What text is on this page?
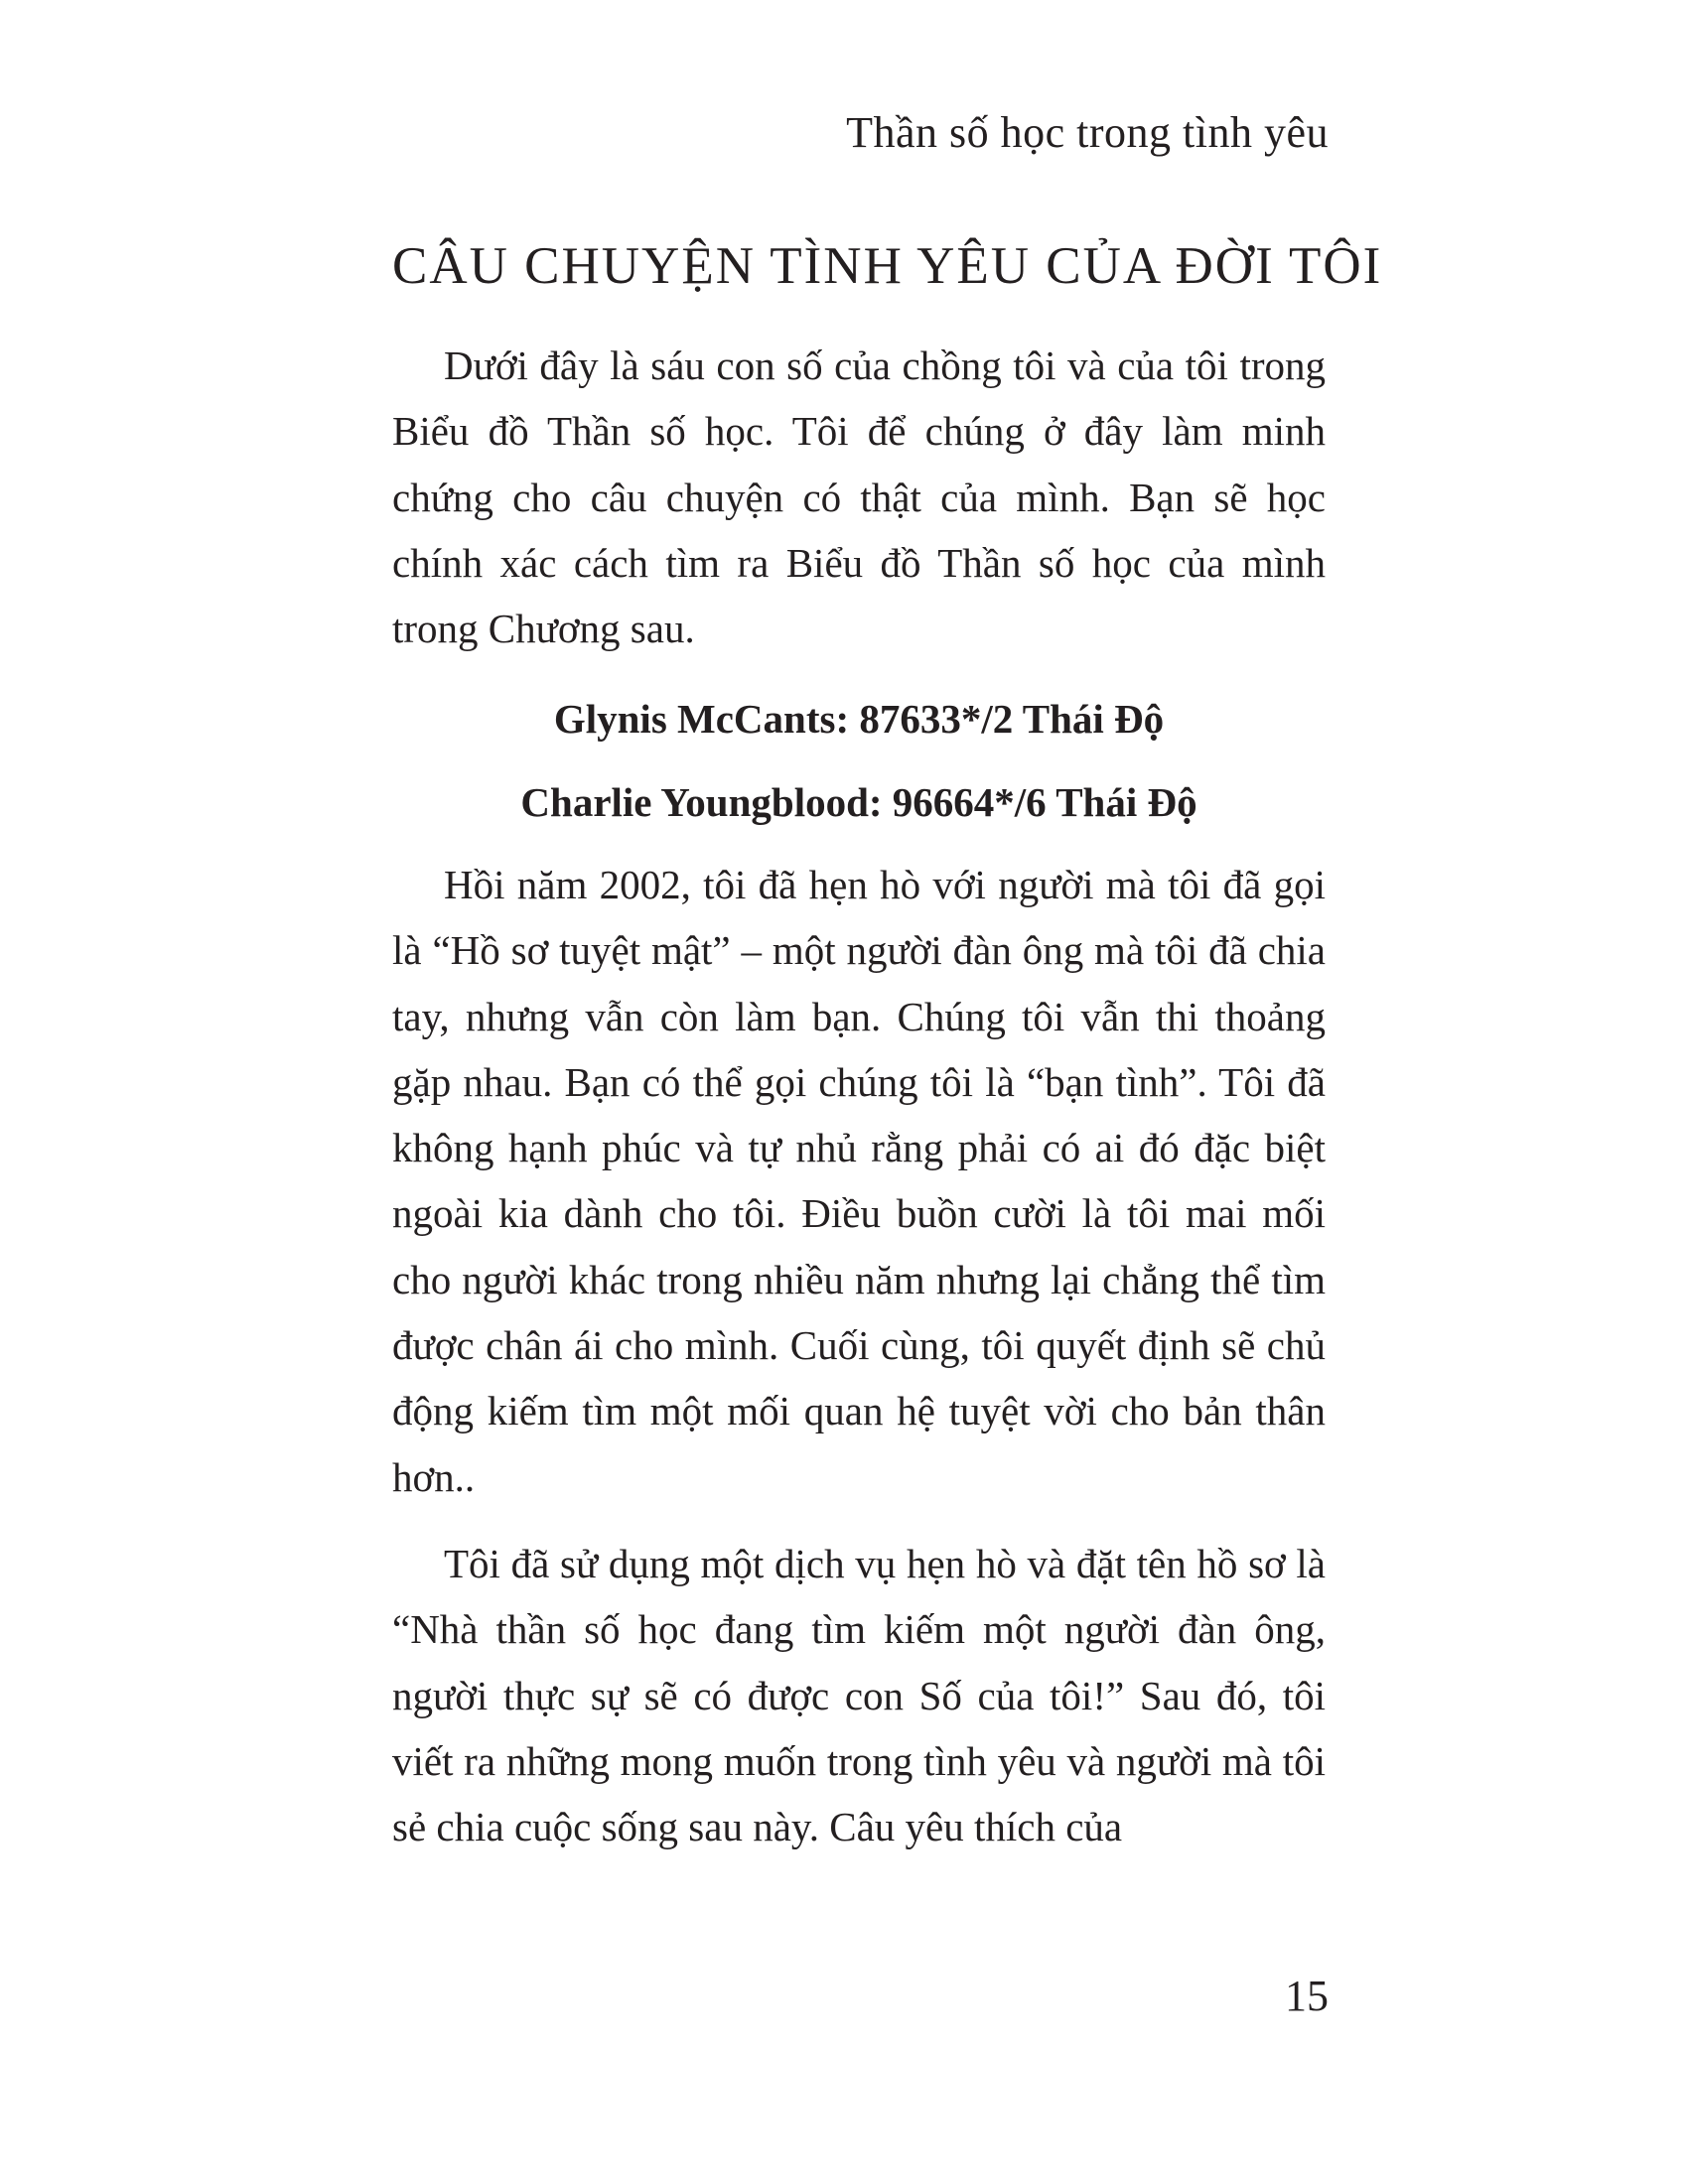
Thần số học trong tình yêu
CÂU CHUYỆN TÌNH YÊU CỦA ĐỜI TÔI

Dưới đây là sáu con số của chồng tôi và của tôi trong Biểu đồ Thần số học. Tôi để chúng ở đây làm minh chứng cho câu chuyện có thật của mình. Bạn sẽ học chính xác cách tìm ra Biểu đồ Thần số học của mình trong Chương sau.

Glynis McCants: 87633*/2 Thái Độ
Charlie Youngblood: 96664*/6 Thái Độ

Hồi năm 2002, tôi đã hẹn hò với người mà tôi đã gọi là “Hồ sơ tuyệt mật” – một người đàn ông mà tôi đã chia tay, nhưng vẫn còn làm bạn. Chúng tôi vẫn thi thoảng gặp nhau. Bạn có thể gọi chúng tôi là “bạn tình”. Tôi đã không hạnh phúc và tự nhủ rằng phải có ai đó đặc biệt ngoài kia dành cho tôi. Điều buồn cười là tôi mai mối cho người khác trong nhiều năm nhưng lại chẳng thể tìm được chân ái cho mình. Cuối cùng, tôi quyết định sẽ chủ động kiếm tìm một mối quan hệ tuyệt vời cho bản thân hơn..

Tôi đã sử dụng một dịch vụ hẹn hò và đặt tên hồ sơ là “Nhà thần số học đang tìm kiếm một người đàn ông, người thực sự sẽ có được con Số của tôi!” Sau đó, tôi viết ra những mong muốn trong tình yêu và người mà tôi sẻ chia cuộc sống sau này. Câu yêu thích của

15
